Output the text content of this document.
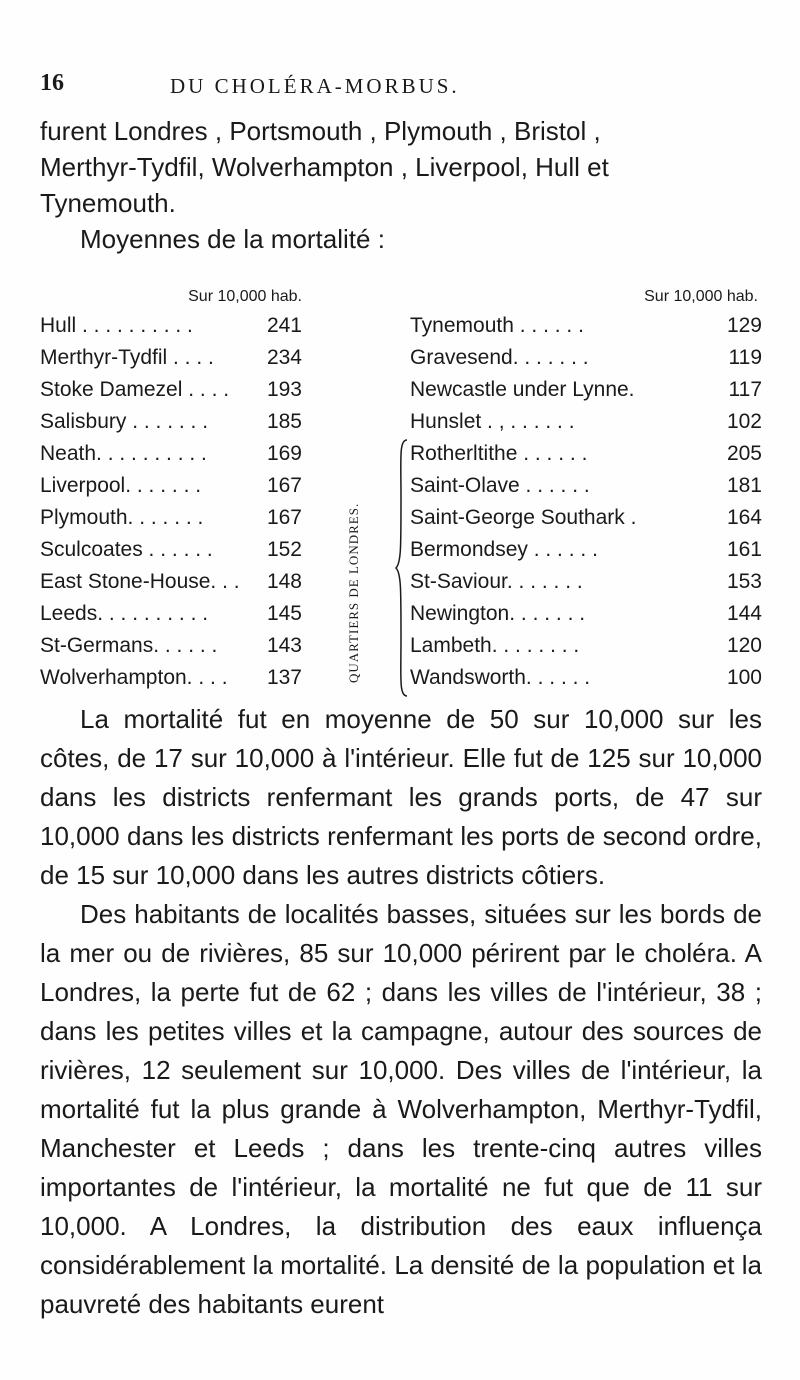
16	DU CHOLÉRA-MORBUS.

furent Londres , Portsmouth , Plymouth , Bristol ,

Merthyr-Tydfil, Wolverhampton , Liverpool, Hull et

Tynemouth.

Moyennes de la mortalité :

Sur 10,000 hab.
Hull . . . . . . . . . .	241
Merthyr-Tydfil . . . .	234
Stoke Damezel . . . . 193
Salisbury . . . . . . .	185
Neath. . . . . . . . . .	169
Liverpool. . . . . . .	167
Plymouth. . . . . . .	167
Sculcoates . . . . . .	152
East Stone-House. . . 148
Leeds. . . . . . . . . .	145
St-Germans. . . . . . 143
Wolverhampton. . . . 137	QUARTIERS DE LONDRES.
Sur 10,000 hab.
Tynemouth . . . . . .	129
Gravesend. . . . . . .	119
Newcastle under Lynne.	117
Hunslet . , . . . . . .	102
Rotherltithe . . . . . .	205
Saint-Olave . . . . . .	181
Saint-George Southark .	164
Bermondsey . . . . . .	161
St-Saviour. . . . . . .	153
Newington. . . . . . .	144
Lambeth. . . . . . . .	120
Wandsworth. . . . . .	100

La mortalité fut en moyenne de 50 sur 10,000 sur les côtes, de 17 sur 10,000 à l'intérieur. Elle fut de 125 sur 10,000 dans les districts renfermant les grands ports, de 47 sur 10,000 dans les districts renfermant les ports de second ordre, de 15 sur 10,000 dans les autres districts côtiers.

Des habitants de localités basses, situées sur les bords de la mer ou de rivières, 85 sur 10,000 périrent par le choléra. A Londres, la perte fut de 62 ; dans les villes de l'intérieur, 38 ; dans les petites villes et la campagne, autour des sources de rivières, 12 seulement sur 10,000. Des villes de l'intérieur, la mortalité fut la plus grande à Wolverhampton, Merthyr-Tydfil, Manchester et Leeds ; dans les trente-cinq autres villes importantes de l'intérieur, la mortalité ne fut que de 11 sur 10,000. A Londres, la distribution des eaux influença considérablement la mortalité. La densité de la population et la pauvreté des habitants eurent
